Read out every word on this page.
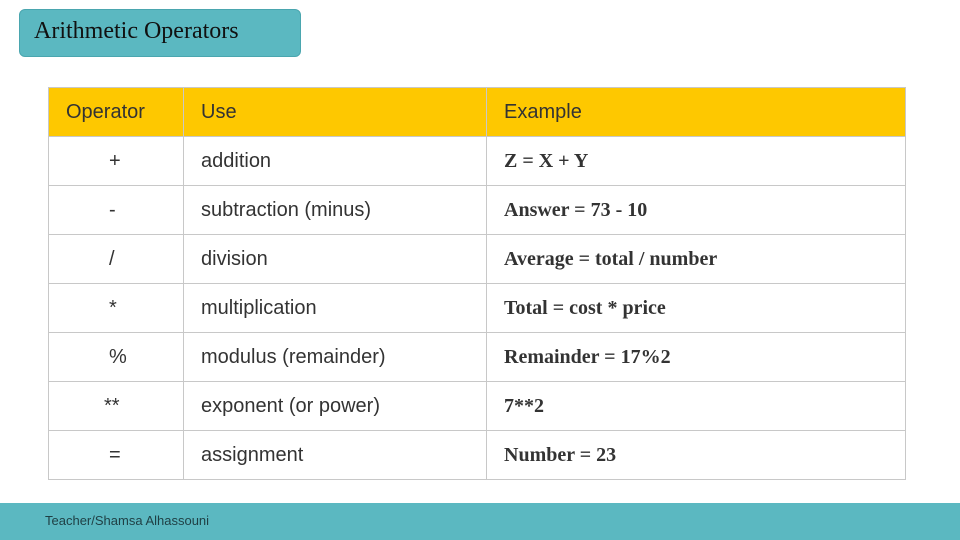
Arithmetic Operators
Operator	Use	Example
+	addition	Z = X + Y
-	subtraction (minus)	Answer = 73 - 10
/	division	Average = total / number
*	multiplication	Total = cost * price
%	modulus (remainder)	Remainder = 17%2
**	exponent (or power)	7**2
=	assignment	Number = 23
Teacher/Shamsa Alhassouni
